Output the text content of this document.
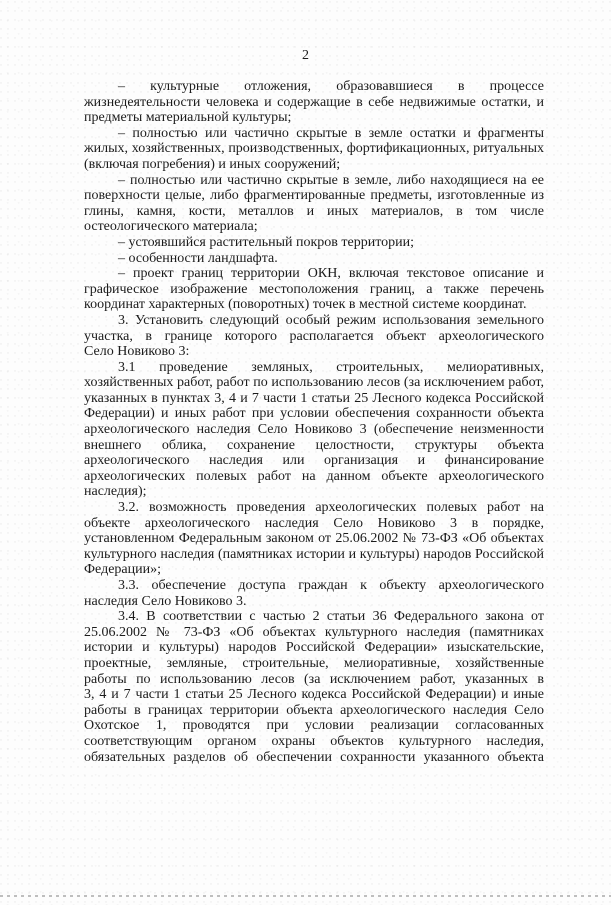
2

– культурные отложения, образовавшиеся в процессе
жизнедеятельности человека и содержащие в себе недвижимые остатки, и
предметы материальной культуры;
– полностью или частично скрытые в земле остатки и фрагменты
жилых, хозяйственных, производственных, фортификационных, ритуальных
(включая погребения) и иных сооружений;
– полностью или частично скрытые в земле, либо находящиеся на ее
поверхности целые, либо фрагментированные предметы, изготовленные из
глины, камня, кости, металлов и иных материалов, в том числе
остеологического материала;
– устоявшийся растительный покров территории;
– особенности ландшафта.
– проект границ территории ОКН, включая текстовое описание и
графическое изображение местоположения границ, а также перечень
координат характерных (поворотных) точек в местной системе координат.
3. Установить следующий особый режим использования земельного
участка, в границе которого располагается объект археологического
Село Новиково 3:
3.1 проведение земляных, строительных, мелиоративных,
хозяйственных работ, работ по использованию лесов (за исключением работ,
указанных в пунктах 3, 4 и 7 части 1 статьи 25 Лесного кодекса Российской
Федерации) и иных работ при условии обеспечения сохранности объекта
археологического наследия Село Новиково 3 (обеспечение неизменности
внешнего облика, сохранение целостности, структуры объекта
археологического наследия или организация и финансирование
археологических полевых работ на данном объекте археологического
наследия);
3.2. возможность проведения археологических полевых работ на
объекте археологического наследия Село Новиково 3 в порядке,
установленном Федеральным законом от 25.06.2002 № 73-ФЗ «Об объектах
культурного наследия (памятниках истории и культуры) народов Российской
Федерации»;
3.3. обеспечение доступа граждан к объекту археологического
наследия Село Новиково 3.
3.4. В соответствии с частью 2 статьи 36 Федерального закона от
25.06.2002 № 73-ФЗ «Об объектах культурного наследия (памятниках
истории и культуры) народов Российской Федерации» изыскательские,
проектные, земляные, строительные, мелиоративные, хозяйственные
работы по использованию лесов (за исключением работ, указанных в
3, 4 и 7 части 1 статьи 25 Лесного кодекса Российской Федерации) и иные
работы в границах территории объекта археологического наследия Село
Охотское 1, проводятся при условии реализации согласованных
соответствующим органом охраны объектов культурного наследия,
обязательных разделов об обеспечении сохранности указанного объекта
